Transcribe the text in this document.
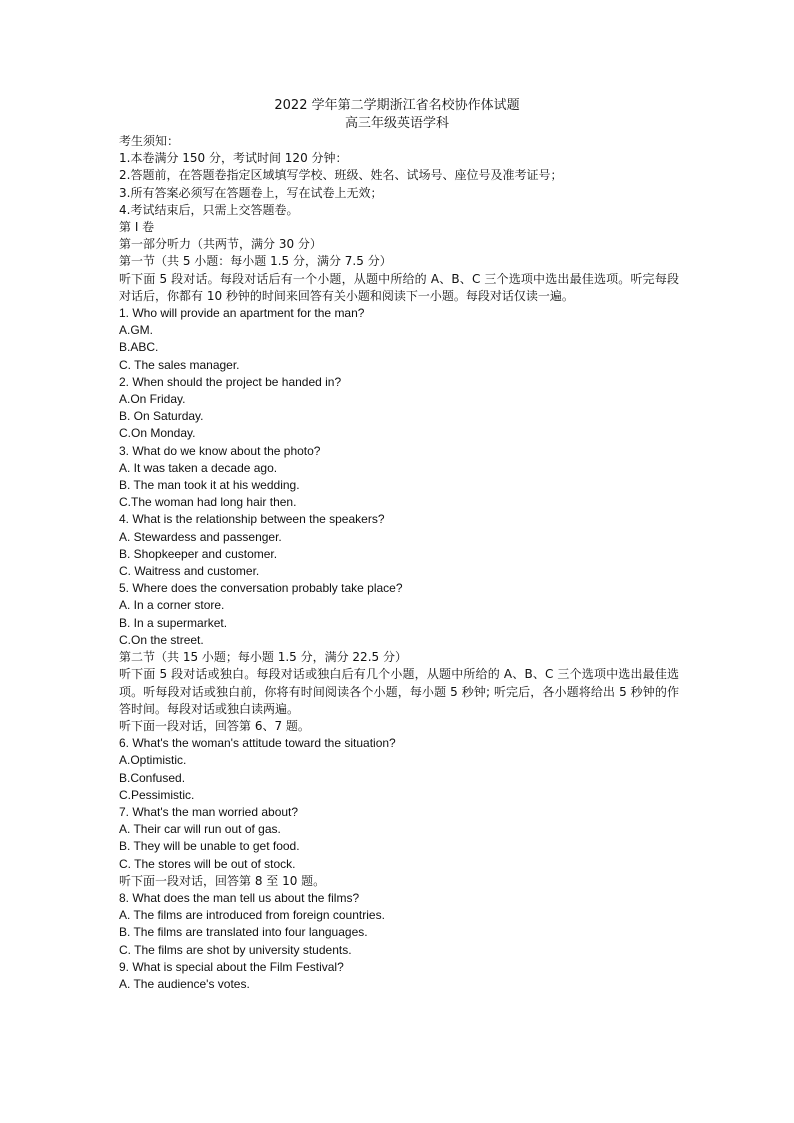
2022 学年第二学期浙江省名校协作体试题
高三年级英语学科
考生须知：
1.本卷满分 150 分，考试时间 120 分钟：
2.答题前，在答题卷指定区域填写学校、班级、姓名、试场号、座位号及准考证号；
3.所有答案必须写在答题卷上，写在试卷上无效；
4.考试结束后，只需上交答题卷。
第 I 卷
第一部分听力（共两节，满分 30 分）
第一节（共 5 小题：每小题 1.5 分，满分 7.5 分）
听下面 5 段对话。每段对话后有一个小题，从题中所给的 A、B、C 三个选项中选出最佳选项。听完每段对话后，你都有 10 秒钟的时间来回答有关小题和阅读下一小题。每段对话仅读一遍。
1. Who will provide an apartment for the man?
A.GM.
B.ABC.
C. The sales manager.
2. When should the project be handed in?
A.On Friday.
B. On Saturday.
C.On Monday.
3. What do we know about the photo?
A. It was taken a decade ago.
B. The man took it at his wedding.
C.The woman had long hair then.
4. What is the relationship between the speakers?
A. Stewardess and passenger.
B. Shopkeeper and customer.
C. Waitress and customer.
5. Where does the conversation probably take place?
A. In a corner store.
B. In a supermarket.
C.On the street.
第二节（共 15 小题；每小题 1.5 分，满分 22.5 分）
听下面 5 段对话或独白。每段对话或独白后有几个小题，从题中所给的 A、B、C 三个选项中选出最佳选项。听每段对话或独白前，你将有时间阅读各个小题，每小题 5 秒钟; 听完后，各小题将给出 5 秒钟的作答时间。每段对话或独白读两遍。
听下面一段对话，回答第 6、7 题。
6. What's the woman's attitude toward the situation?
A.Optimistic.
B.Confused.
C.Pessimistic.
7. What's the man worried about?
A. Their car will run out of gas.
B. They will be unable to get food.
C. The stores will be out of stock.
听下面一段对话，回答第 8 至 10 题。
8. What does the man tell us about the films?
A. The films are introduced from foreign countries.
B. The films are translated into four languages.
C. The films are shot by university students.
9. What is special about the Film Festival?
A. The audience's votes.
